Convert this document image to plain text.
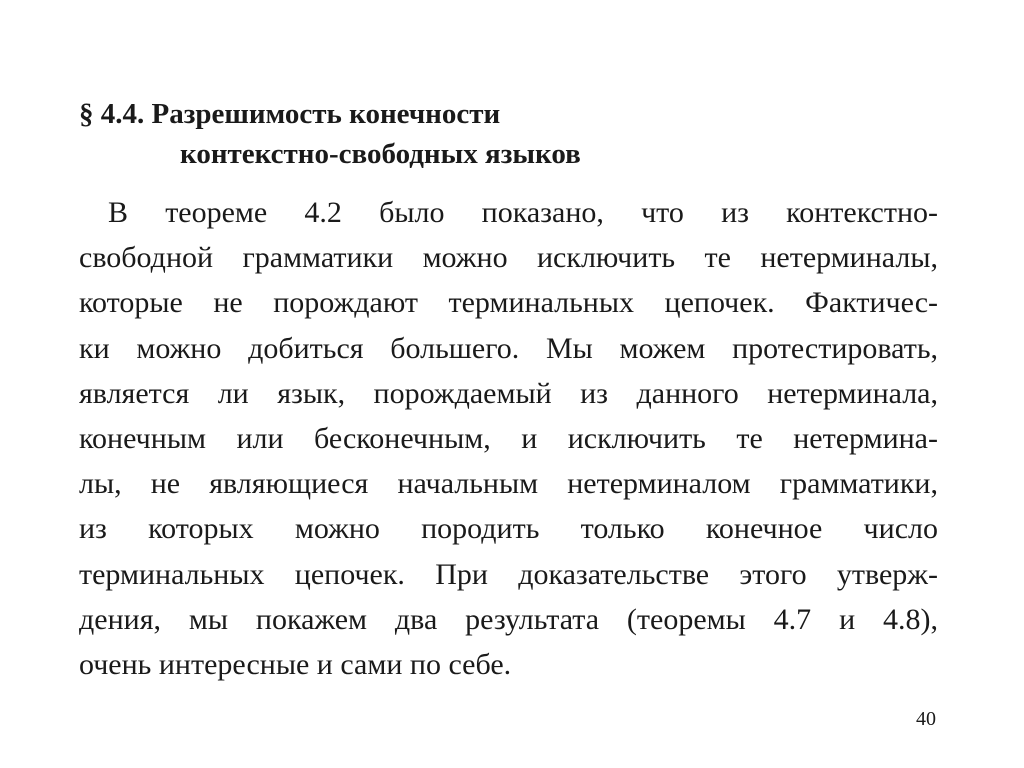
§ 4.4. Разрешимость конечности
контекстно-свободных языков

В теореме 4.2 было показано, что из контекстно-
свободной грамматики можно исключить те нетерминалы,
которые не порождают терминальных цепочек. Фактичес-
ки можно добиться большего. Мы можем протестировать,
является ли язык, порождаемый из данного нетерминала,
конечным или бесконечным, и исключить те нетермина-
лы, не являющиеся начальным нетерминалом грамматики,
из которых можно породить только конечное число
терминальных цепочек. При доказательстве этого утверж-
дения, мы покажем два результата (теоремы 4.7 и 4.8),
очень интересные и сами по себе.

40
